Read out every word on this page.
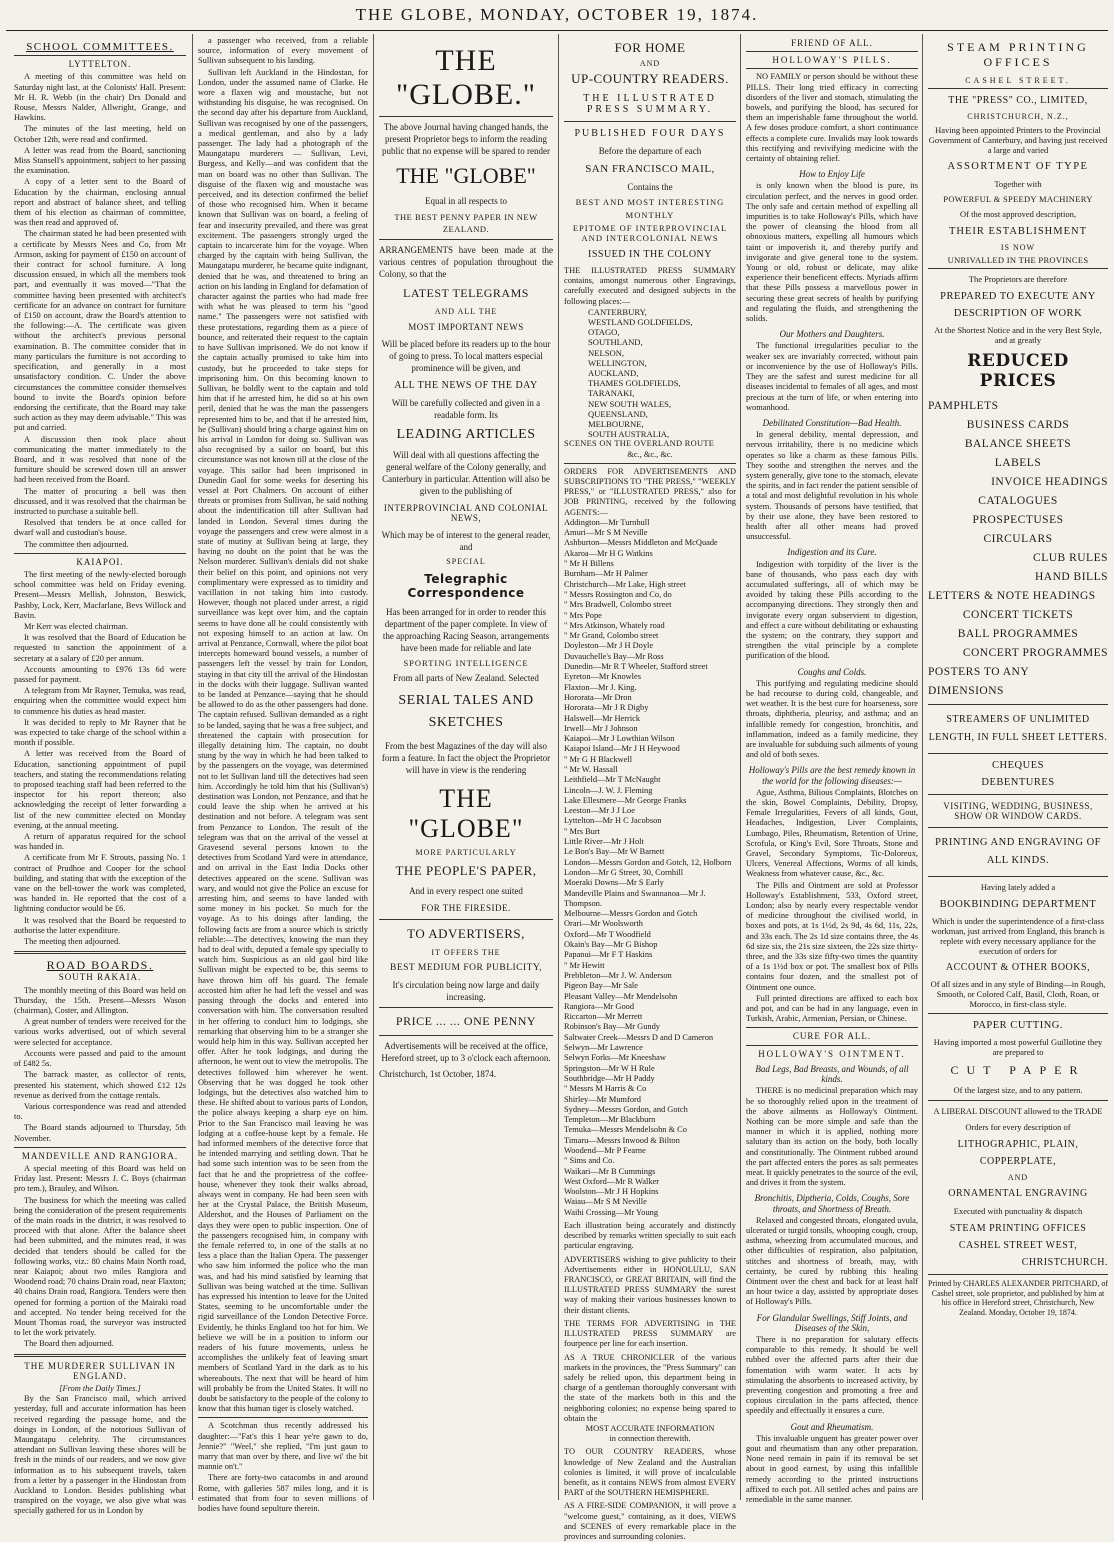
THE GLOBE, MONDAY, OCTOBER 19, 1874.
SCHOOL COMMITTEES.
LYTTELTON.

A meeting of this committee was held on Saturday night last, at the Colonists' Hall. Present: Mr H. R. Webb (in the chair) Drs Donald and Rouse, Messrs Nalder, Allwright, Grange, and Hawkins.

The minutes of the last meeting, held on October 12th, were read and confirmed.

A letter was read from the Board, sanctioning Miss Stansell's appointment, subject to her passing the examination.

A copy of a letter sent to the Board of Education by the chairman, enclosing annual report and abstract of balance sheet, and telling them of his election as chairman of committee, was then read and approved of.

The chairman stated he had been presented with a certificate by Messrs Nees and Co, from Mr Armson, asking for payment of £150 on account of their contract for school furniture. A long discussion ensued, in which all the members took part, and eventually it was moved—"That the committee having been presented with architect's certificate for an advance on contract for furniture of £150 on account, draw the Board's attention to the following:—A. The certificate was given without the architect's previous personal examination. B. The committee consider that in many particulars the furniture is not according to specification, and generally in a most unsatisfactory condition. C. Under the above circumstances the committee consider themselves bound to invite the Board's opinion before endorsing the certificate, that the Board may take such action as they may deem advisable." This was put and carried.

A discussion then took place about communicating the matter immediately to the Board, and it was resolved that none of the furniture should be screwed down till an answer had been received from the Board.

The matter of procuring a bell was then discussed, and it was resolved that the chairman be instructed to purchase a suitable bell.

Resolved that tenders be at once called for dwarf wall and custodian's house.

The committee then adjourned.

KAIAPOI.

The first meeting of the newly-elected borough school committee was held on Friday evening. Present—Messrs Mellish, Johnston, Beswick, Pashby, Lock, Kerr, Macfarlane, Bevs Willock and Bavin.

Mr Kerr was elected chairman.

It was resolved that the Board of Education be requested to sanction the appointment of a secretary at a salary of £20 per annum.

Accounts amounting to £976 13s 6d were passed for payment.

A telegram from Mr Rayner, Temuka, was read, enquiring when the committee would expect him to commence his duties as head master.

It was decided to reply to Mr Rayner that he was expected to take charge of the school within a month if possible.

A letter was received from the Board of Education, sanctioning appointment of pupil teachers, and stating the recommendations relating to proposed teaching staff had been referred to the inspector for his report thereon; also acknowledging the receipt of letter forwarding a list of the new committee elected on Monday evening, at the annual meeting.

A return of apparatus required for the school was handed in.

A certificate from Mr F. Strouts, passing No. 1 contract of Prudhoe and Cooper for the school building, and stating that with the exception of the vane on the bell-tower the work was completed, was handed in. He reported that the cost of a lightning conductor would be £6.

It was resolved that the Board be requested to authorise the latter expenditure.

The meeting then adjourned.

ROAD BOARDS.
SOUTH RAKAIA.

The monthly meeting of this Board was held on Thursday, the 15th. Present—Messrs Wason (chairman), Coster, and Allington.

A great number of tenders were received for the various works advertised, out of which several were selected for acceptance.

Accounts were passed and paid to the amount of £482 5s.

The barrack master, as collector of rents, presented his statement, which showed £12 12s revenue as derived from the cottage rentals.

Various correspondence was read and attended to.

The Board stands adjourned to Thursday, 5th November.

MANDEVILLE AND RANGIORA.

A special meeting of this Board was held on Friday last. Present: Messrs J. C. Boys (chairman pro tem.), Brauley, and Wilson.

The business for which the meeting was called being the consideration of the present requirements of the main roads in the district, it was resolved to proceed with that alone. After the balance sheet had been submitted, and the minutes read, it was decided that tenders should be called for the following works, viz.: 80 chains Main North road, near Kaiapoi; about two miles Rangiora and Woodend road; 70 chains Drain road, near Flaxton; 40 chains Drain road, Rangiora. Tenders were then opened for forming a portion of the Mairaki road and accepted. No tender being received for the Mount Thomas road, the surveyor was instructed to let the work privately.

The Board then adjourned.

THE MURDERER SULLIVAN IN ENGLAND.
[From the Daily Times.]

By the San Francisco mail, which arrived yesterday, full and accurate information has been received regarding the passage home, and the doings in London, of the notorious Sullivan of Maungatapu celebrity. The circumstances attendant on Sullivan leaving these shores will be fresh in the minds of our readers, and we now give information as to his subsequent travels, taken from a letter by a passenger in the Hindostan from Auckland to London. Besides publishing what transpired on the voyage, we also give what was specially gathered for us in London by

a passenger who received, from a reliable source, information of every movement of Sullivan subsequent to his landing.

Sullivan left Auckland in the Hindostan, for London, under the assumed name of Clarke. He wore a flaxen wig and moustache, but not withstanding his disguise, he was recognised. On the second day after his departure from Auckland, Sullivan was recognised by one of the passengers, a medical gentleman, and also by a lady passenger. The lady had a photograph of the Maungatapu murderers — Sullivan, Levi, Burgess, and Kelly—and was confident that the man on board was no other than Sullivan. The disguise of the flaxen wig and moustache was perceived, and its detection confirmed the belief of those who recognised him. When it became known that Sullivan was on board, a feeling of fear and insecurity prevailed, and there was great excitement. The passengers strongly urged the captain to incarcerate him for the voyage. When charged by the captain with being Sullivan, the Maungatapu murderer, he became quite indignant, denied that he was, and threatened to bring an action on his landing in England for defamation of character against the parties who had made free with what he was pleased to term his "good name." The passengers were not satisfied with these protestations, regarding them as a piece of bounce, and reiterated their request to the captain to have Sullivan imprisoned. We do not know if the captain actually promised to take him into custody, but he proceeded to take steps for imprisoning him. On this becoming known to Sullivan, he boldly went to the captain and told him that if he arrested him, he did so at his own peril, denied that he was the man the passengers represented him to be, and that if he arrested him, he (Sullivan) should bring a charge against him on his arrival in London for doing so. Sullivan was also recognised by a sailor on board, but this circumstance was not known till at the close of the voyage. This sailor had been imprisoned in Dunedin Gaol for some weeks for deserting his vessel at Port Chalmers. On account of either threats or promises from Sullivan, he said nothing about the indentification till after Sullivan had landed in London. Several times during the voyage the passengers and crew were almost in a state of mutiny at Sullivan being at large, they having no doubt on the point that he was the Nelson murderer. Sullivan's denials did not shake their belief on this point, and opinions not very complimentary were expressed as to timidity and vacillation in not taking him into custody. However, though not placed under arrest, a rigid surveillance was kept over him, and the captain seems to have done all he could consistently with not exposing himself to an action at law. On arrival at Penzance, Cornwall, where the pilot boat intercepts homeward bound vessels, a number of passengers left the vessel by train for London, staying in that city till the arrival of the Hindostan in the docks with their luggage. Sullivan wanted to be landed at Penzance—saying that he should be allowed to do as the other passengers had done. The captain refused. Sullivan demanded as a right to be landed, saying that he was a free subject, and threatened the captain with prosecution for illegally detaining him. The captain, no doubt stung by the way in which he had been talked to by the passengers on the voyage, was determined not to let Sullivan land till the detectives had seen him. Accordingly he told him that his (Sullivan's) destination was London, not Penzance, and that he could leave the ship when he arrived at his destination and not before. A telegram was sent from Penzance to London. The result of the telegram was that on the arrival of the vessel at Gravesend several persons known to the detectives from Scotland Yard were in attendance, and on arrival in the East India Docks other detectives appeared on the scene. Sullivan was wary, and would not give the Police an excuse for arresting him, and seems to have landed with some money in his pocket. So much for the voyage. As to his doings after landing, the following facts are from a source which is strictly reliable:—The detectives, knowing the man they had to deal with, deputed a female spy specially to watch him. Suspicious as an old gaol bird like Sullivan might be expected to be, this seems to have thrown him off his guard. The female accosted him after he had left the vessel and was passing through the docks and entered into conversation with him. The conversation resulted in her offering to conduct him to lodgings, she remarking that observing him to be a stranger she would help him in this way. Sullivan accepted her offer. After he took lodgings, and during the afternoon, he went out to view the metropolis. The detectives followed him wherever he went. Observing that he was dogged he took other lodgings, but the detectives also watched him to these. He shifted about to various parts of London, the police always keeping a sharp eye on him. Prior to the San Francisco mail leaving he was lodging at a coffee-house kept by a female. He had informed members of the detective force that he intended marrying and settling down. That he had some such intention was to be seen from the fact that he and the proprietress of the coffee-house, whenever they took their walks abroad, always went in company. He had been seen with her at the Crystal Palace, the British Museum, Aldershot, and the Houses of Parliament on the days they were open to public inspection. One of the passengers recognised him, in company with the female referred to, in one of the stalls at no less a place than the Italian Opera. The passenger who saw him informed the police who the man was, and had his mind satisfied by learning that Sullivan was being watched at the time. Sullivan has expressed his intention to leave for the United States, seeming to be uncomfortable under the rigid surveillance of the London Detective Force. Evidently, he thinks England too hot for him. We believe we will be in a position to inform our readers of his future movements, unless he accomplishes the unlikely feat of leaving smart members of Scotland Yard in the dark as to his whereabouts. The next that will be heard of him will probably be from the United States. It will no doubt be satisfactory to the people of the colony to know that this human tiger is closely watched.

A Scotchman thus recently addressed his daughter:—"Fat's this I hear ye're gawn to do, Jennie?" "Weel," she replied, "I'm just gaun to marry that man over by there, and live wi' the bit mannie on't."

There are forty-two catacombs in and around Rome, with galleries 587 miles long, and it is estimated that from four to seven millions of bodies have found sepulture therein.

THE "GLOBE."
The above Journal having changed hands, the present Proprietor begs to inform the reading public that no expense will be spared to render
THE "GLOBE"
Equal in all respects to
THE BEST PENNY PAPER IN NEW ZEALAND.
ARRANGEMENTS have been made at the various centres of population throughout the Colony, so that the
LATEST TELEGRAMS
AND ALL THE
MOST IMPORTANT NEWS
Will be placed before its readers up to the hour of going to press. To local matters especial prominence will be given, and
ALL THE NEWS OF THE DAY
Will be carefully collected and given in a readable form. Its
LEADING ARTICLES
Will deal with all questions affecting the general welfare of the Colony generally, and Canterbury in particular. Attention will also be given to the publishing of
INTERPROVINCIAL AND COLONIAL NEWS,
Which may be of interest to the general reader, and
SPECIAL
Telegraphic Correspondence
Has been arranged for in order to render this department of the paper complete. In view of the approaching Racing Season, arrangements have been made for reliable and late
SPORTING INTELLIGENCE
From all parts of New Zealand. Selected
SERIAL TALES AND SKETCHES
From the best Magazines of the day will also form a feature. In fact the object the Proprietor will have in view is the rendering
THE "GLOBE"
MORE PARTICULARLY
THE PEOPLE'S PAPER,
And in every respect one suited
FOR THE FIRESIDE.
TO ADVERTISERS,
IT OFFERS THE
BEST MEDIUM FOR PUBLICITY,
It's circulation being now large and daily increasing.
PRICE ... ... ONE PENNY
Advertisements will be received at the office, Hereford street, up to 3 o'clock each afternoon.
Christchurch, 1st October, 1874.
FOR HOME
AND
UP-COUNTRY READERS.
THE ILLUSTRATED PRESS SUMMARY.
PUBLISHED FOUR DAYS
Before the departure of each
SAN FRANCISCO MAIL,
Contains the
BEST AND MOST INTERESTING
MONTHLY
EPITOME OF INTERPROVINCIAL AND INTERCOLONIAL NEWS
ISSUED IN THE COLONY
THE ILLUSTRATED PRESS SUMMARY contains, amongst numerous other Engravings, carefully executed and designed subjects in the following places:—
CANTERBURY,
WESTLAND GOLDFIELDS,
OTAGO,
SOUTHLAND,
NELSON,
WELLINGTON,
AUCKLAND,
THAMES GOLDFIELDS,
TARANAKI,
NEW SOUTH WALES,
QUEENSLAND,
MELBOURNE,
SOUTH AUSTRALIA,
SCENES ON THE OVERLAND ROUTE
&c., &c., &c.
ORDERS FOR ADVERTISEMENTS AND SUBSCRIPTIONS TO "THE PRESS," "WEEKLY PRESS," or "ILLUSTRATED PRESS," also for JOB PRINTING, received by the following AGENTS:—
Addington—Mr Turnbull
Amuri—Mr S M Neville
Ashburton—Messrs Middleton and McQuade
Akaroa—Mr H G Watkins
" Mr H Billens
Burnham—Mr H Palmer
Christchurch—Mr Lake, High street
" Messrs Rossington and Co, do
" Mrs Bradwell, Colombo street
" Mrs Pope
" Mrs Atkinson, Whately road
" Mr Grand, Colombo street
Doyleston—Mr J H Doyle
Duvauchelle's Bay—Mr Ross
Dunedin—Mr R T Wheeler, Stafford street
Eyreton—Mr Knowles
Flaxton—Mr J. King.
Hororata—Mr Dron
Hororata—Mr J R Digby
Halswell—Mr Herrick
Irwell—Mr J Johnson
Kaiapoi—Mr J Lowthian Wilson
Kaiapoi Island—Mr J H Heywood
" Mr G H Blackwell
" Mr W. Hassall
Leithfield—Mr T McNaught
Lincoln—J. W. J. Fleming
Lake Ellesmere—Mr George Franks
Leeston—Mr J J Loe
Lyttelton—Mr H C Jacobson
" Mrs Burt
Little River—Mr J Holt
Le Bon's Bay—Mr W Barnett
London—Messrs Gordon and Gotch, 12, Holborn
London—Mr G Street, 30, Cornhill
Moeraki Downs—Mr S Early
Mandeville Plains and Swannanoa—Mr J. Thompson.
Melbourne—Messrs Gordon and Gotch
Orari—Mr Woolsworth
Oxford—Mr T Woodfield
Okain's Bay—Mr G Bishop
Papanui—Mr F T Haskins
" Mr Hewitt
Prebbleton—Mr J. W. Anderson
Pigeon Bay—Mr Sale
Pleasant Valley—Mr Mendelsohn
Rangiora—Mr Good
Riccarton—Mr Merrett
Robinson's Bay—Mr Gundy
Saltwater Creek—Messrs D and D Cameron
Selwyn—Mr Lawrence
Selwyn Forks—Mr Kneeshaw
Springston—Mr W H Rule
Southbridge—Mr H Paddy
" Messrs M Harris & Co
Shirley—Mr Mumford
Sydney—Messrs Gordon, and Gotch
Templeton—Mr Blackburn
Temuka—Messrs Mendelsohn & Co
Timaru—Messrs Inwood & Bilton
Woodend—Mr P Fearne
" Sims and Co.
Waikari—Mr B Cummings
West Oxford—Mr R Walker
Woolston—Mr J H Hopkins
Waiau—Mr S M Neville
Waihi Crossing—Mr Young
Each illustration being accurately and distinctly described by remarks written specially to suit each particular engraving.
ADVERTISERS wishing to give publicity to their Advertisements either in HONOLULU, SAN FRANCISCO, or GREAT BRITAIN, will find the ILLUSTRATED PRESS SUMMARY the surest way of making their various businesses known to their distant clients.
THE TERMS FOR ADVERTISING in THE ILLUSTRATED PRESS SUMMARY are fourpence per line for each insertion.
AS A TRUE CHRONICLER of the various markets in the provinces, the "Press Summary" can safely be relied upon, this department being in charge of a gentleman thoroughly conversant with the state of the markets both in this and the neighboring colonies; no expense being spared to obtain the
MOST ACCURATE INFORMATION
in connection therewith.
TO OUR COUNTRY READERS, whose knowledge of New Zealand and the Australian colonies is limited, it will prove of incalculable benefit, as it contains NEWS from almost EVERY PART of the SOUTHERN HEMISPHERE.
AS A FIRE-SIDE COMPANION, it will prove a "welcome guest," containing, as it does, VIEWS and SCENES of every remarkable place in the provinces and surrounding colonies.
FRIEND OF ALL.
HOLLOWAY'S PILLS.

NO FAMILY or person should be without these PILLS. Their long tried efficacy in correcting disorders of the liver and stomach, stimulating the bowels, and purifying the blood, has secured for them an imperishable fame throughout the world. A few doses produce comfort, a short continuance effects a complete cure. Invalids may look towards this rectifying and revivifying medicine with the certainty of obtaining relief.

How to Enjoy Life

is only known when the blood is pure, its circulation perfect, and the nerves in good order. The only safe and certain method of expelling all impurities is to take Holloway's Pills, which have the power of cleansing the blood from all obnoxious matters, expelling all humours which taint or impoverish it, and thereby purify and invigorate and give general tone to the system. Young or old, robust or delicate, may alike experience their beneficent effects. Myriads affirm that these Pills possess a marvellous power in securing these great secrets of health by purifying and regulating the fluids, and strengthening the solids.

Our Mothers and Daughters.

The functional irregularities peculiar to the weaker sex are invariably corrected, without pain or inconvenience by the use of Holloway's Pills. They are the safest and surest medicine for all diseases incidental to females of all ages, and most precious at the turn of life, or when entering into womanhood.

Debilitated Constitution—Bad Health.

In general debility, mental depression, and nervous irritability, there is no medicine which operates so like a charm as these famous Pills. They soothe and strengthen the nerves and the system generally, give tone to the stomach, elevate the spirits, and in fact render the patient sensible of a total and most delightful revolution in his whole system. Thousands of persons have testified, that by their use alone, they have been restored to health after all other means had proved unsuccessful.

Indigestion and its Cure.

Indigestion with torpidity of the liver is the bane of thousands, who pass each day with accumulated sufferings, all of which may be avoided by taking these Pills according to the accompanying directions. They strongly then and invigorate every organ subservient to digestion, and effect a cure without debilitating or exhausting the system; on the contrary, they support and strengthen the vital principle by a complete purification of the blood.

Coughs and Colds.

This purifying and regulating medicine should be had recourse to during cold, changeable, and wet weather. It is the best cure for hoarseness, sore throats, diphtheria, pleurisy, and asthma; and an infallible remedy for congestion, bronchitis, and inflammation, indeed as a family medicine, they are invaluable for subduing such ailments of young and old of both sexes.

Holloway's Pills are the best remedy known in the world for the following diseases:—

Ague, Asthma, Bilious Complaints, Blotches on the skin, Bowel Complaints, Debility, Dropsy, Female Irregularities, Fevers of all kinds, Gout, Headaches, Indigestion, Liver Complaints, Lumbago, Piles, Rheumatism, Retention of Urine, Scrofula, or King's Evil, Sore Throats, Stone and Gravel, Secondary Symptoms, Tic-Doloreux, Ulcers, Venereal Affections, Worms of all kinds, Weakness from whatever cause, &c., &c.

The Pills and Ointment are sold at Professor Holloway's Establishment, 533, Oxford street, London; also by nearly every respectable vendor of medicine throughout the civilised world, in boxes and pots, at 1s 1½d, 2s 9d, 4s 6d, 11s, 22s, and 33s each. The 2s 1d size contains three, the 4s 6d size six, the 21s size sixteen, the 22s size thirty-three, and the 33s size fifty-two times the quantity of a 1s 1½d box or pot. The smallest box of Pills contains four dozen, and the smallest pot of Ointment one ounce.

Full printed directions are affixed to each box and pot, and can be had in any language, even in Turkish, Arabic, Armenian, Persian, or Chinese.

CURE FOR ALL.
HOLLOWAY'S OINTMENT.
Bad Legs, Bad Breasts, and Wounds, of all kinds.

THERE is no medicinal preparation which may be so thoroughly relied upon in the treatment of the above ailments as Holloway's Ointment. Nothing can be more simple and safe than the manner in which it is applied, nothing more salutary than its action on the body, both locally and constitutionally. The Ointment rubbed around the part affected enters the pores as salt permeates meat. It quickly penetrates to the source of the evil, and drives it from the system.

Bronchitis, Diptheria, Colds, Coughs, Sore throats, and Shortness of Breath.

Relaxed and congested throats, elongated uvula, ulcerated or turgid tonsils, whooping cough, croup, asthma, wheezing from accumulated mucous, and other difficulties of respiration, also palpitation, stitches and shortness of breath, may, with certainty, be cured by rubbing this healing Ointment over the chest and back for at least half an hour twice a day, assisted by appropriate doses of Holloway's Pills.

For Glandular Swellings, Stiff Joints, and Diseases of the Skin,

There is no preparation for salutary effects comparable to this remedy. It should be well rubbed over the affected parts after their due fomentation with warm water. It acts by stimulating the absorbents to increased activity, by preventing congestion and promoting a free and copious circulation in the parts affected, thence speedily and effectually it ensures a cure.

Gout and Rheumatism.

This invaluable unguent has greater power over gout and rheumatism than any other preparation. None need remain in pain if its removal be set about in good earnest, by using this infallible remedy according to the printed instructions affixed to each pot. All settled aches and pains are remediable in the same manner.

STEAM PRINTING OFFICES
CASHEL STREET.
THE "PRESS" CO., LIMITED,
CHRISTCHURCH, N.Z.,
Having been appointed Printers to the Provincial Government of Canterbury, and having just received a large and varied
ASSORTMENT OF TYPE
Together with
POWERFUL & SPEEDY MACHINERY
Of the most approved description,
THEIR ESTABLISHMENT
IS NOW
UNRIVALLED IN THE PROVINCES
The Proprietors are therefore
PREPARED TO EXECUTE ANY
DESCRIPTION OF WORK
At the Shortest Notice and in the very Best Style, and at greatly
REDUCED PRICES
PAMPHLETS
BUSINESS CARDS
BALANCE SHEETS
LABELS
INVOICE HEADINGS
CATALOGUES
PROSPECTUSES
CIRCULARS
CLUB RULES
HAND BILLS
LETTERS & NOTE HEADINGS
CONCERT TICKETS
BALL PROGRAMMES
CONCERT PROGRAMMES
POSTERS TO ANY DIMENSIONS
STREAMERS OF UNLIMITED LENGTH, IN FULL SHEET LETTERS.
CHEQUES
DEBENTURES
VISITING, WEDDING, BUSINESS, SHOW OR WINDOW CARDS.
PRINTING AND ENGRAVING OF ALL KINDS.
Having lately added a
BOOKBINDING DEPARTMENT
Which is under the superintendence of a first-class workman, just arrived from England, this branch is replete with every necessary appliance for the execution of orders for
ACCOUNT & OTHER BOOKS,
Of all sizes and in any style of Binding—in Rough, Smooth, or Colored Calf, Basil, Cloth, Roan, or Morocco, in first-class style.
PAPER CUTTING.
Having imported a most powerful Guillotine they are prepared to
CUT PAPER
Of the largest size, and to any pattern.
A LIBERAL DISCOUNT allowed to the TRADE
Orders for every description of
LITHOGRAPHIC, PLAIN,
COPPERPLATE,
AND
ORNAMENTAL ENGRAVING
Executed with punctuality & dispatch
STEAM PRINTING OFFICES
CASHEL STREET WEST,
CHRISTCHURCH.
Printed by CHARLES ALEXANDER PRITCHARD, of Cashel street, sole proprietor, and published by him at his office in Hereford street, Christchurch, New Zealand. Monday, October 19, 1874.
